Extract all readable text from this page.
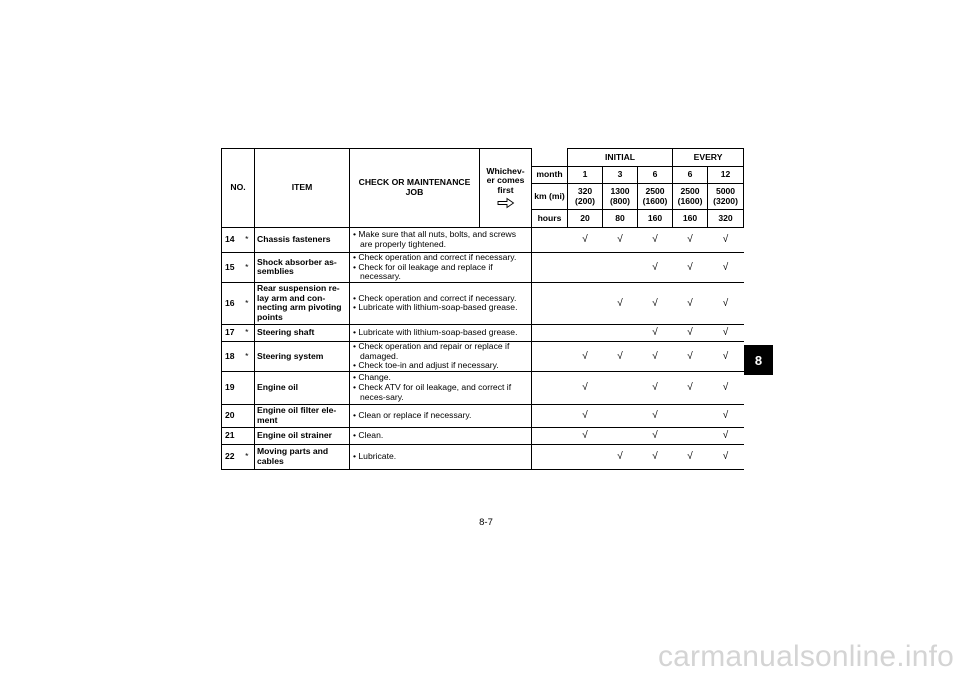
NO.		ITEM	CHECK OR MAINTENANCE JOB	Whichev- er comes first		INITIAL			EVERY	
					month	1	3	6	6	12
					km (mi)	320 (200)	1300 (800)	2500 (1600)	2500 (1600)	5000 (3200)
					hours	20	80	160	160	320
14	*	Chassis fasteners	• Make sure that all nuts, bolts, and screws are properly tightened.			√	√	√	√	√
15	*	Shock absorber as-semblies	• Check operation and correct if necessary.
• Check for oil leakage and replace if necessary.					√	√	√
16	*	Rear suspension re-lay arm and con-necting arm pivoting points	• Check operation and correct if necessary.
• Lubricate with lithium-soap-based grease.				√	√	√	√
17	*	Steering shaft	• Lubricate with lithium-soap-based grease.					√	√	√
18	*	Steering system	• Check operation and repair or replace if damaged.
• Check toe-in and adjust if necessary.			√	√	√	√	√
19		Engine oil	• Change.
• Check ATV for oil leakage, and correct if neces-sary.			√		√	√	√
20		Engine oil filter ele-ment	• Clean or replace if necessary.			√		√		√
21		Engine oil strainer	• Clean.			√		√		√
22	*	Moving parts and cables	• Lubricate.				√	√	√	√
8
8-7
carmanualsonline.info
